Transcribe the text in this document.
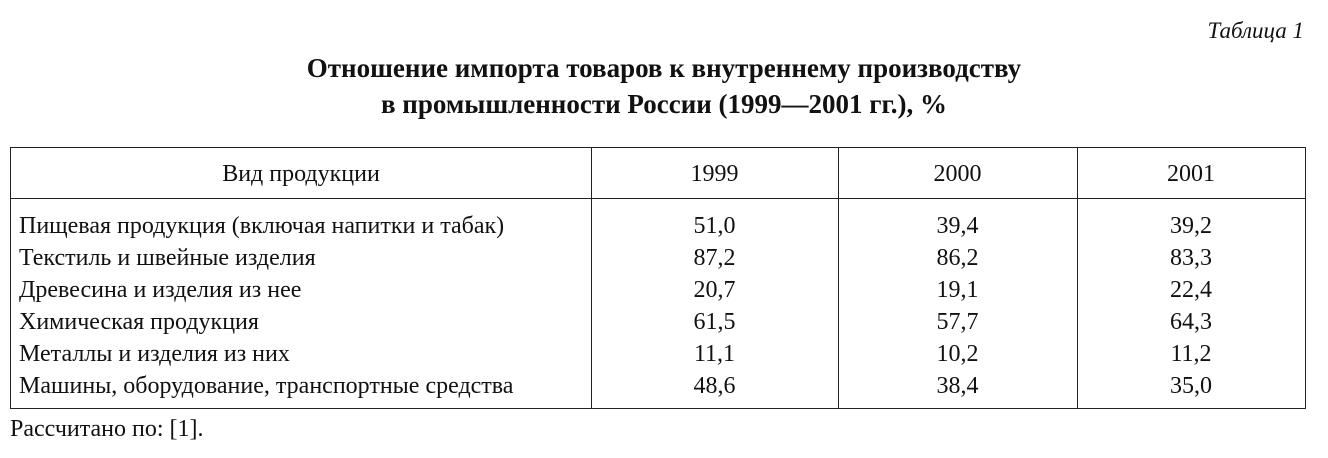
Таблица 1
Отношение импорта товаров к внутреннему производству
в промышленности России (1999—2001 гг.), %
Вид продукции	1999	2000	2001
Пищевая продукция (включая напитки и табак)	51,0	39,4	39,2
Текстиль и швейные изделия	87,2	86,2	83,3
Древесина и изделия из нее	20,7	19,1	22,4
Химическая продукция	61,5	57,7	64,3
Металлы и изделия из них	11,1	10,2	11,2
Машины, оборудование, транспортные средства	48,6	38,4	35,0
Рассчитано по: [1].
